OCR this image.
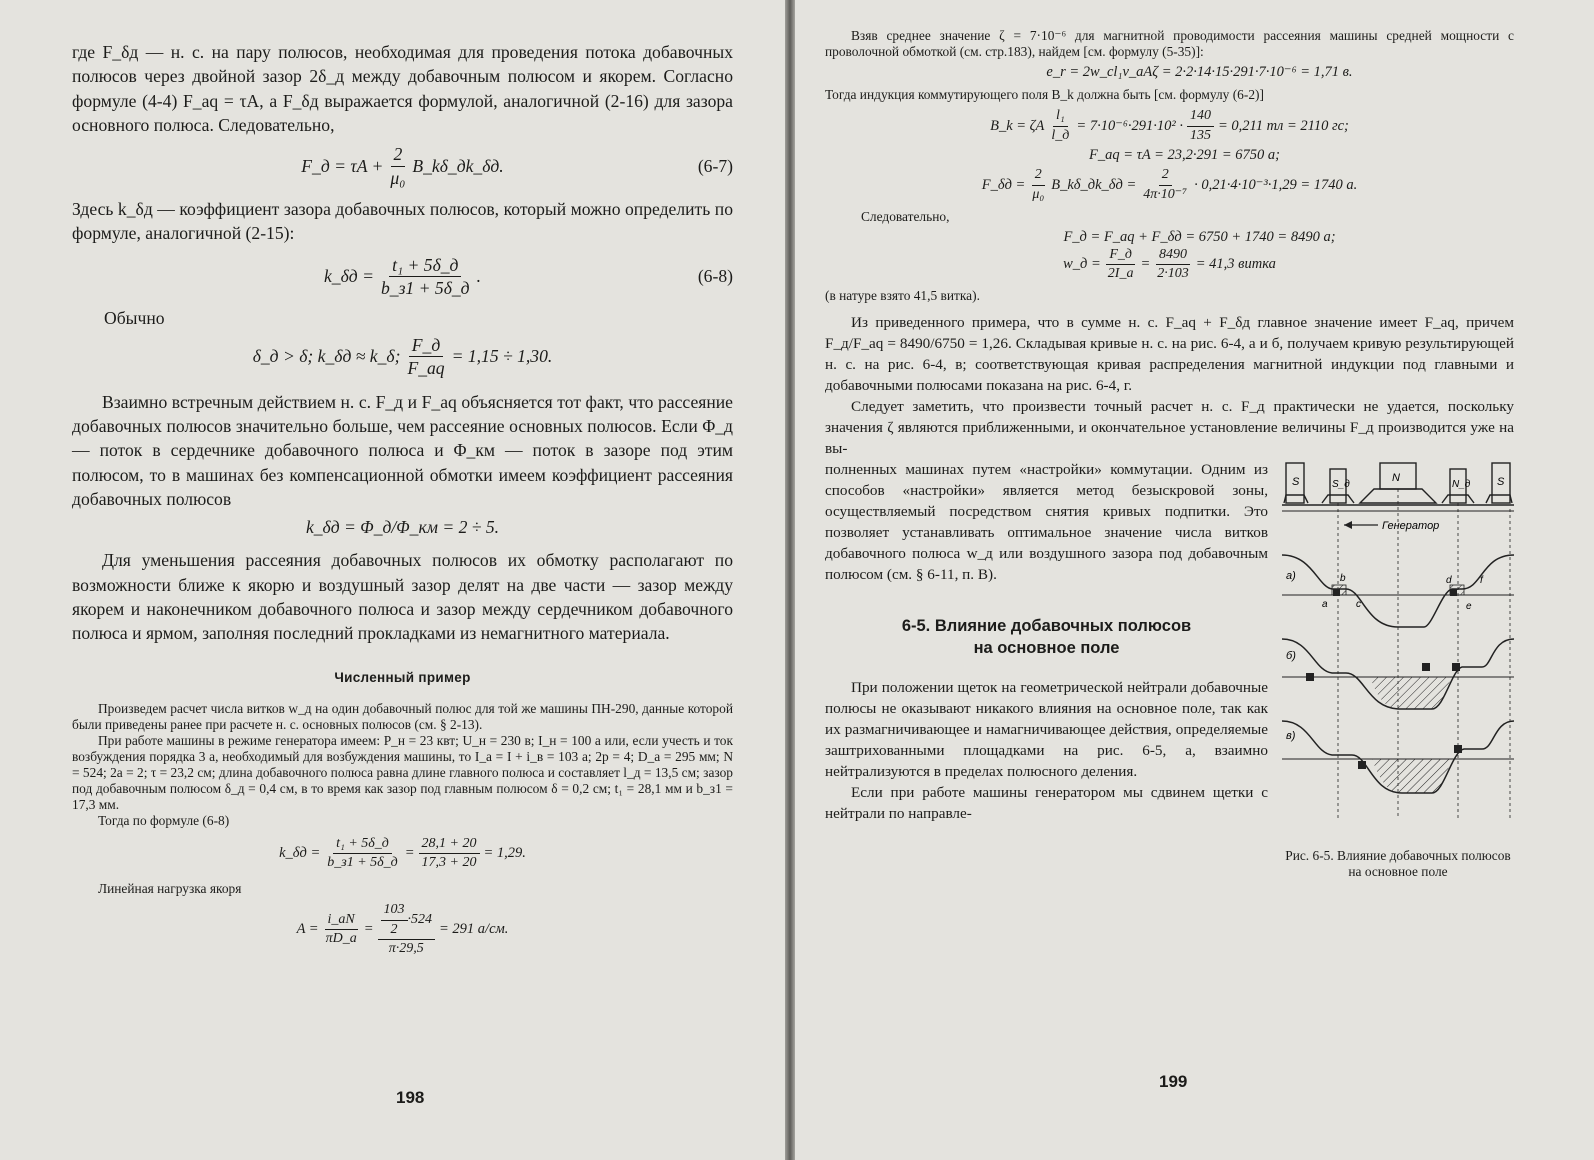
где F_δд — н. с. на пару полюсов, необходимая для проведения потока добавочных полюсов через двойной зазор 2δ_д между добавочным полюсом и якорем. Согласно формуле (4-4) F_aq = τA, а F_δд выражается формулой, аналогичной (2-16) для зазора основного полюса. Следовательно,

F_д = $\tau A + \frac{2}{\text{μ₀}}$ B_kδ_дk_δд.	(6-7)

Здесь k_δд — коэффициент зазора добавочных полюсов, который можно определить по формуле, аналогичной (2-15):

k_δд = $\frac{\text{t₁ + 5δ\_д}}{b\_з1 + 5\delta\_д}$ .	(6-8)

Обычно

δ_д > δ; k_δд ≈ k_δ; $\frac{F\_д}{F\_aq} = 1,15 \div 1,30$.

Взаимно встречным действием н. с. F_д и F_aq объясняется тот факт, что рассеяние добавочных полюсов значительно больше, чем рассеяние основных полюсов. Если Φ_д — поток в сердечнике добавочного полюса и Φ_км — поток в зазоре под этим полюсом, то в машинах без компенсационной обмотки имеем коэффициент рассеяния добавочных полюсов

k_δд = Φ_д/Φ_км = 2 ÷ 5.

Для уменьшения рассеяния добавочных полюсов их обмотку располагают по возможности ближе к якорю и воздушный зазор делят на две части — зазор между якорем и наконечником добавочного полюса и зазор между сердечником добавочного полюса и ярмом, заполняя последний прокладками из немагнитного материала.

Численный пример

Произведем расчет числа витков w_д на один добавочный полюс для той же машины ПН-290, данные которой были приведены ранее при расчете н. с. основных полюсов (см. § 2-13).

При работе машины в режиме генератора имеем: P_н = 23 квт; U_н = 230 в; I_н = 100 а или, если учесть и ток возбуждения порядка 3 а, необходимый для возбуждения машины, то I_a = I + i_в = 103 а; 2p = 4; D_a = 295 мм; N = 524; 2a = 2; τ = 23,2 см; длина добавочного полюса равна длине главного полюса и составляет l_д = 13,5 см; зазор под добавочным полюсом δ_д = 0,4 см, в то время как зазор под главным полюсом δ = 0,2 см; t₁ = 28,1 мм и b_з1 = 17,3 мм.

Тогда по формуле (6-8)

k_δд = $\frac{\text{t₁ + 5δ\_д}}{b\_з1 + 5\delta\_д} = \frac{28,1 + 20}{17,3 + 20} = 1,29$.

Линейная нагрузка якоря

$A = \frac{i\_aN}{\pi D\_a} = \frac{\frac{103}{2} \cdot 524}{\pi\cdot 29,5} = 291$ а/см.
198

Взяв среднее значение ζ = 7·10⁻⁶ для магнитной проводимости рассеяния машины средней мощности с проволочной обмоткой (см. стр.183), найдем [см. формулу (5-35)]:

e_r = 2w_cl₁v_aAζ = 2·2·14·15·291·7·10⁻⁶ = 1,71 в.

Тогда индукция коммутирующего поля B_k должна быть [см. формулу (6-2)]

B_k = ζA $\frac{\text{l₁}}{l\_д} = 7\cdot 10^{-6}\cdot 291\cdot 10^2 \cdot \frac{140}{135} = 0,211$ тл = 2110 гс;
F_aq = τA = 23,2·291 = 6750 а;
F_δд = $\frac{2}{\text{μ₀}}$ B_kδ_дk_δд = $\frac{2}{\text{4π·10⁻⁷}} \cdot 0,21\cdot 4\cdot 10^{-3}\cdot 1,29 = 1740$ а.

Следовательно,

F_д = F_aq + F_δд = 6750 + 1740 = 8490 а;
w_д = $\frac{F\_д}{2I\_a} = \frac{8490}{2\cdot 103} = 41,3$ витка

(в натуре взято 41,5 витка).

Из приведенного примера, что в сумме н. с. F_aq + F_δд главное значение имеет F_aq, причем F_д/F_aq = 8490/6750 = 1,26. Складывая кривые н. с. на рис. 6-4, а и б, получаем кривую результирующей н. с. на рис. 6-4, в; соответствующая кривая распределения магнитной индукции под главными и добавочными полюсами показана на рис. 6-4, г.

Следует заметить, что произвести точный расчет н. с. F_д практически не удается, поскольку значения ζ являются приближенными, и окончательное установление величины F_д производится уже на вы-

полненных машинах путем «настройки» коммутации. Одним из способов «настройки» является метод безыскровой зоны, осуществляемый посредством снятия кривых подпитки. Это позволяет устанавливать оптимальное значение числа витков добавочного полюса w_д или воздушного зазора под добавочным полюсом (см. § 6-11, п. В).

6-5. Влияние добавочных полюсов

на основное поле

При положении щеток на геометрической нейтрали добавочные полюсы не оказывают никакого влияния на основное поле, так как их размагничивающее и намагничивающее действия, определяемые заштрихованными площадками на рис. 6-5, а, взаимно нейтрализуются в пределах полюсного деления.

Если при работе машины генератором мы сдвинем щетки с нейтрали по направле-

S	S_д
N
N_д S
Генератор
a)
a
b
c
d
e
f
б)
в)
Рис. 6-5. Влияние добавочных полюсов на основное поле
199
